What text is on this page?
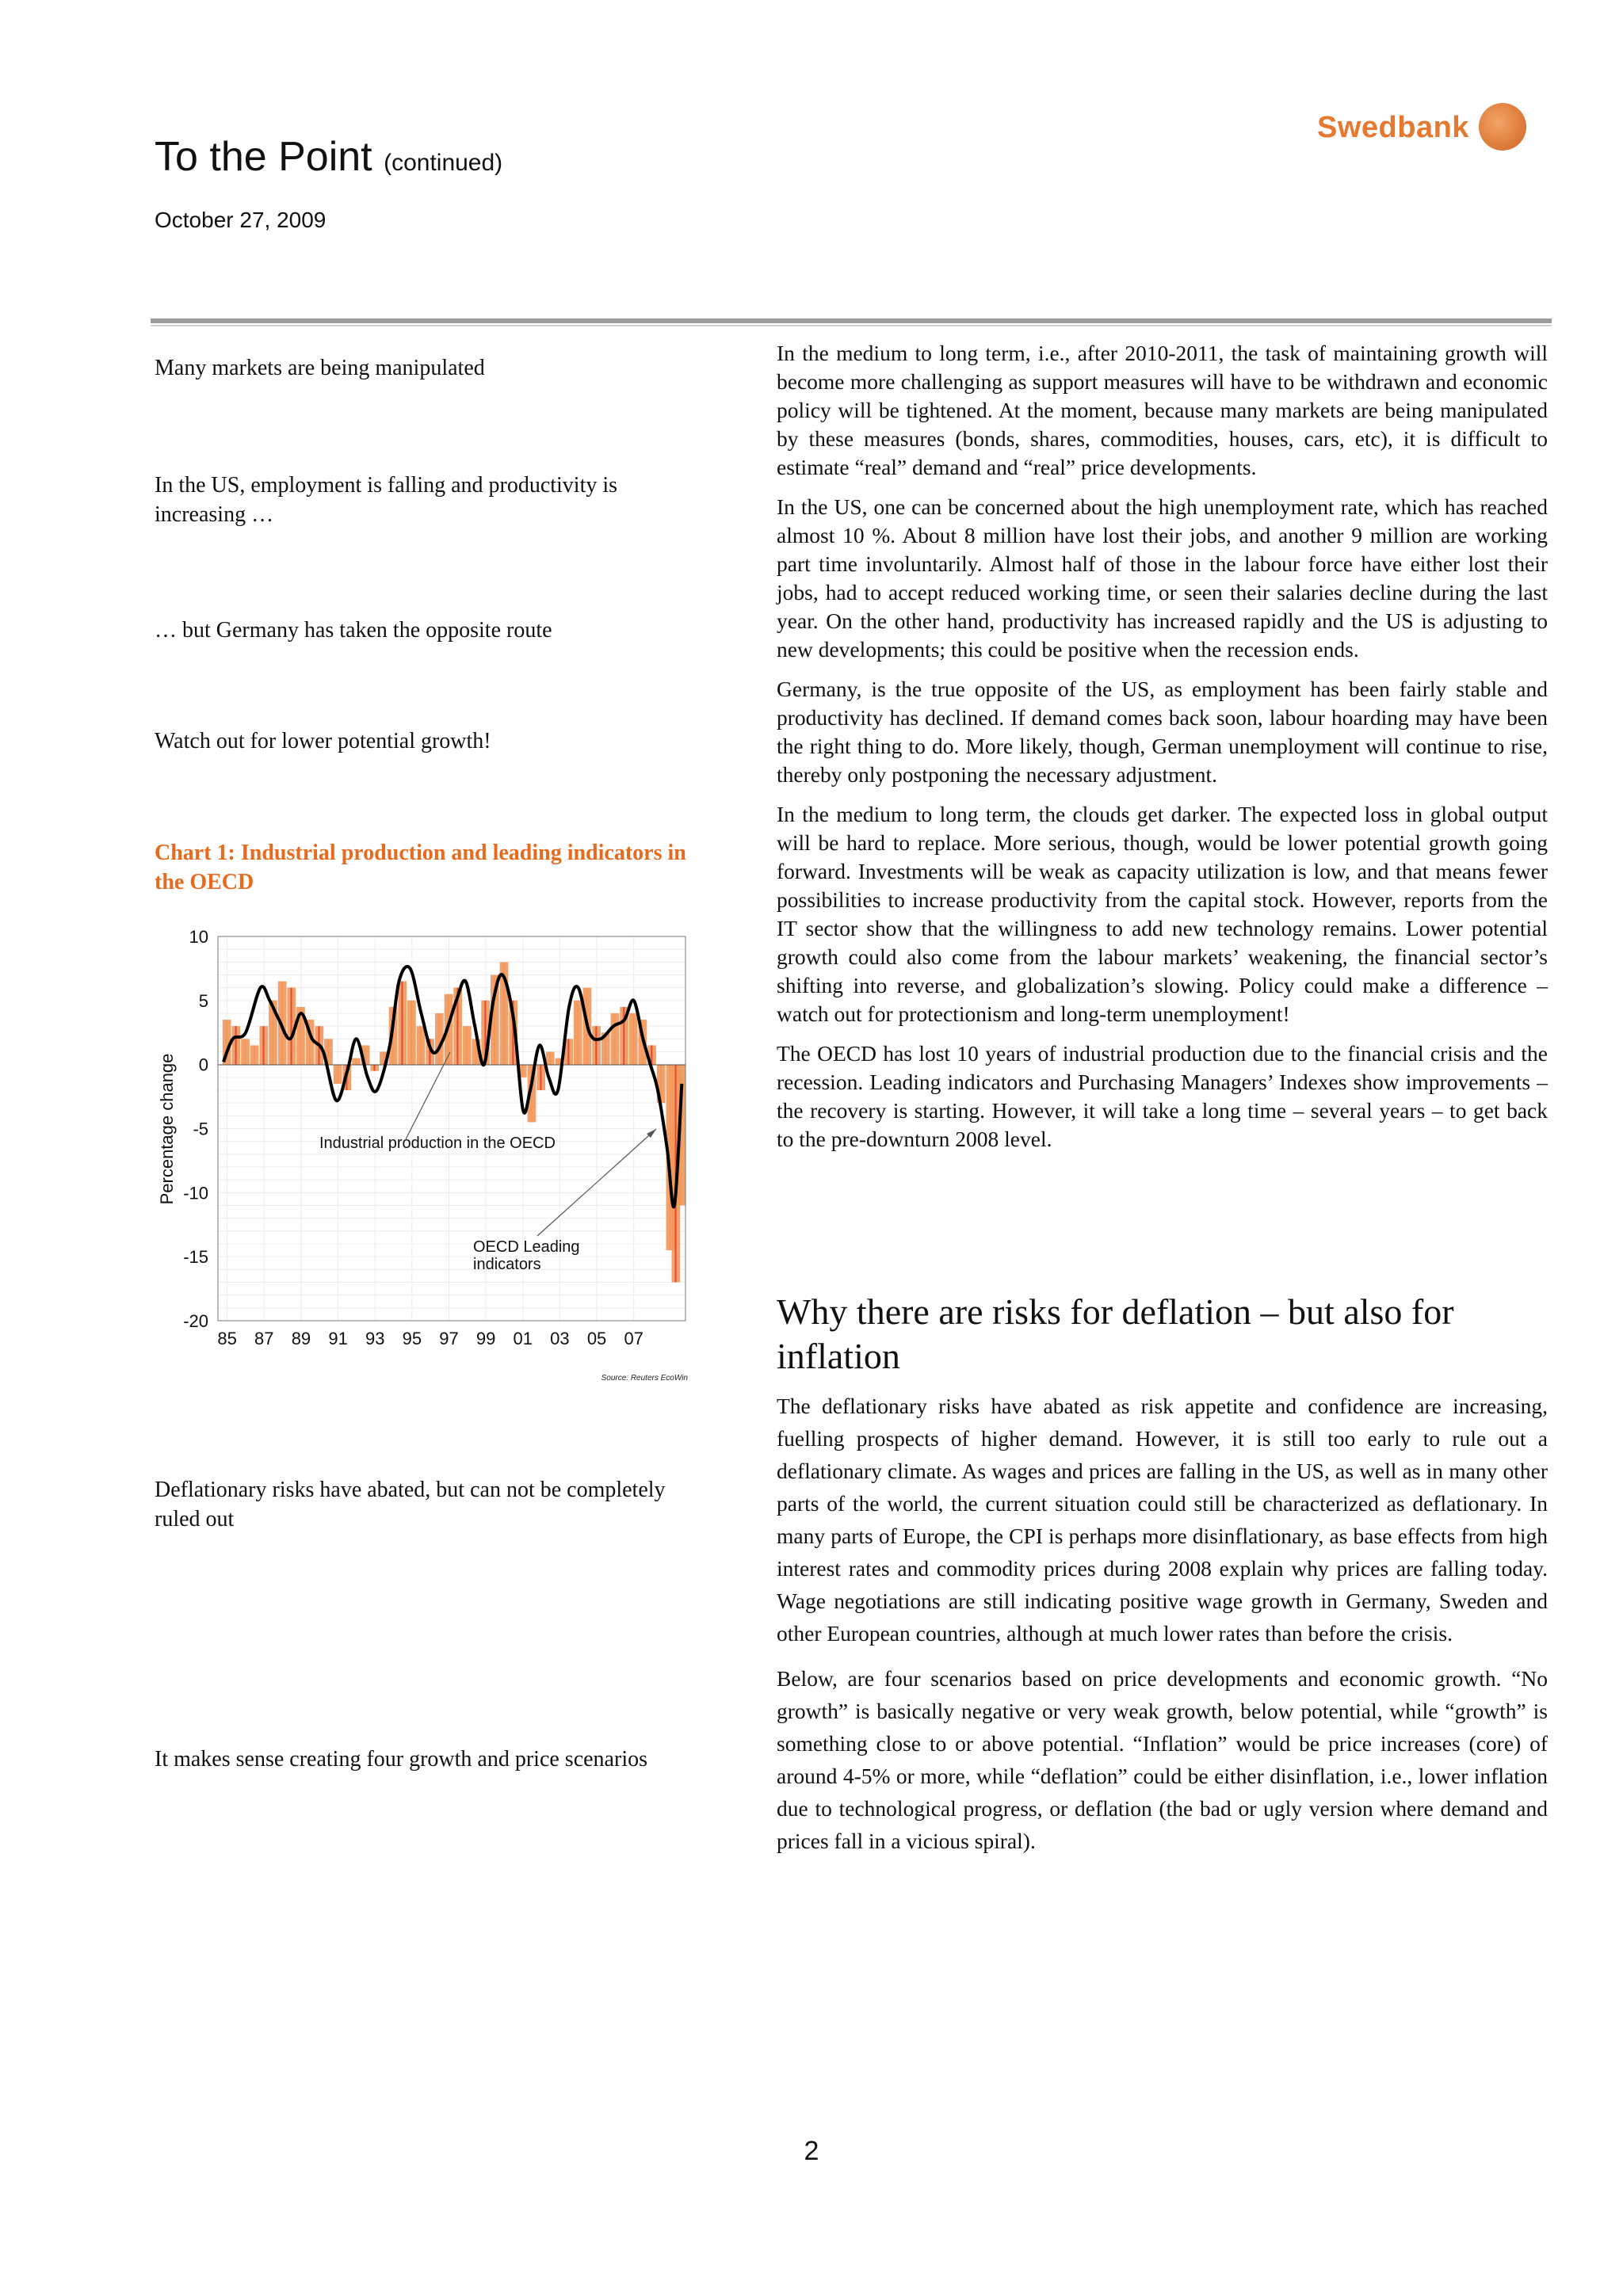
To the Point (continued)
October 27, 2009
Swedbank
Many markets are being manipulated
In the US, employment is falling and productivity is increasing …
… but Germany has taken the opposite route
Watch out for lower potential growth!
Chart 1: Industrial production and leading indicators in the OECD
Deflationary risks have abated, but can not be completely ruled out
It makes sense creating four growth and price scenarios
10
5
0
-5
-10
-15
-20
85 87 89 91 93 95 97 99 01 03 05 07
Percentage change	Industrial production in the OECD
OECD Leading indicators
Source: Reuters EcoWin

In the medium to long term, i.e., after 2010-2011, the task of maintaining growth will become more challenging as support measures will have to be withdrawn and economic policy will be tightened. At the moment, because many markets are being manipulated by these measures (bonds, shares, commodities, houses, cars, etc), it is difficult to estimate “real” demand and “real” price developments.

In the US, one can be concerned about the high unemployment rate, which has reached almost 10 %. About 8 million have lost their jobs, and another 9 million are working part time involuntarily. Almost half of those in the labour force have either lost their jobs, had to accept reduced working time, or seen their salaries decline during the last year. On the other hand, productivity has increased rapidly and the US is adjusting to new developments; this could be positive when the recession ends.

Germany, is the true opposite of the US, as employment has been fairly stable and productivity has declined. If demand comes back soon, labour hoarding may have been the right thing to do. More likely, though, German unemployment will continue to rise, thereby only postponing the necessary adjustment.

In the medium to long term, the clouds get darker. The expected loss in global output will be hard to replace. More serious, though, would be lower potential growth going forward. Investments will be weak as capacity utilization is low, and that means fewer possibilities to increase productivity from the capital stock. However, reports from the IT sector show that the willingness to add new technology remains. Lower potential growth could also come from the labour markets’ weakening, the financial sector’s shifting into reverse, and globalization’s slowing. Policy could make a difference – watch out for protectionism and long-term unemployment!

The OECD has lost 10 years of industrial production due to the financial crisis and the recession. Leading indicators and Purchasing Managers’ Indexes show improvements – the recovery is starting. However, it will take a long time – several years – to get back to the pre-downturn 2008 level.

Why there are risks for deflation – but also for inflation

The deflationary risks have abated as risk appetite and confidence are increasing, fuelling prospects of higher demand. However, it is still too early to rule out a deflationary climate. As wages and prices are falling in the US, as well as in many other parts of the world, the current situation could still be characterized as deflationary. In many parts of Europe, the CPI is perhaps more disinflationary, as base effects from high interest rates and commodity prices during 2008 explain why prices are falling today. Wage negotiations are still indicating positive wage growth in Germany, Sweden and other European countries, although at much lower rates than before the crisis.

Below, are four scenarios based on price developments and economic growth. “No growth” is basically negative or very weak growth, below potential, while “growth” is something close to or above potential. “Inflation” would be price increases (core) of around 4-5% or more, while “deflation” could be either disinflation, i.e., lower inflation due to technological progress, or deflation (the bad or ugly version where demand and prices fall in a vicious spiral).

2
